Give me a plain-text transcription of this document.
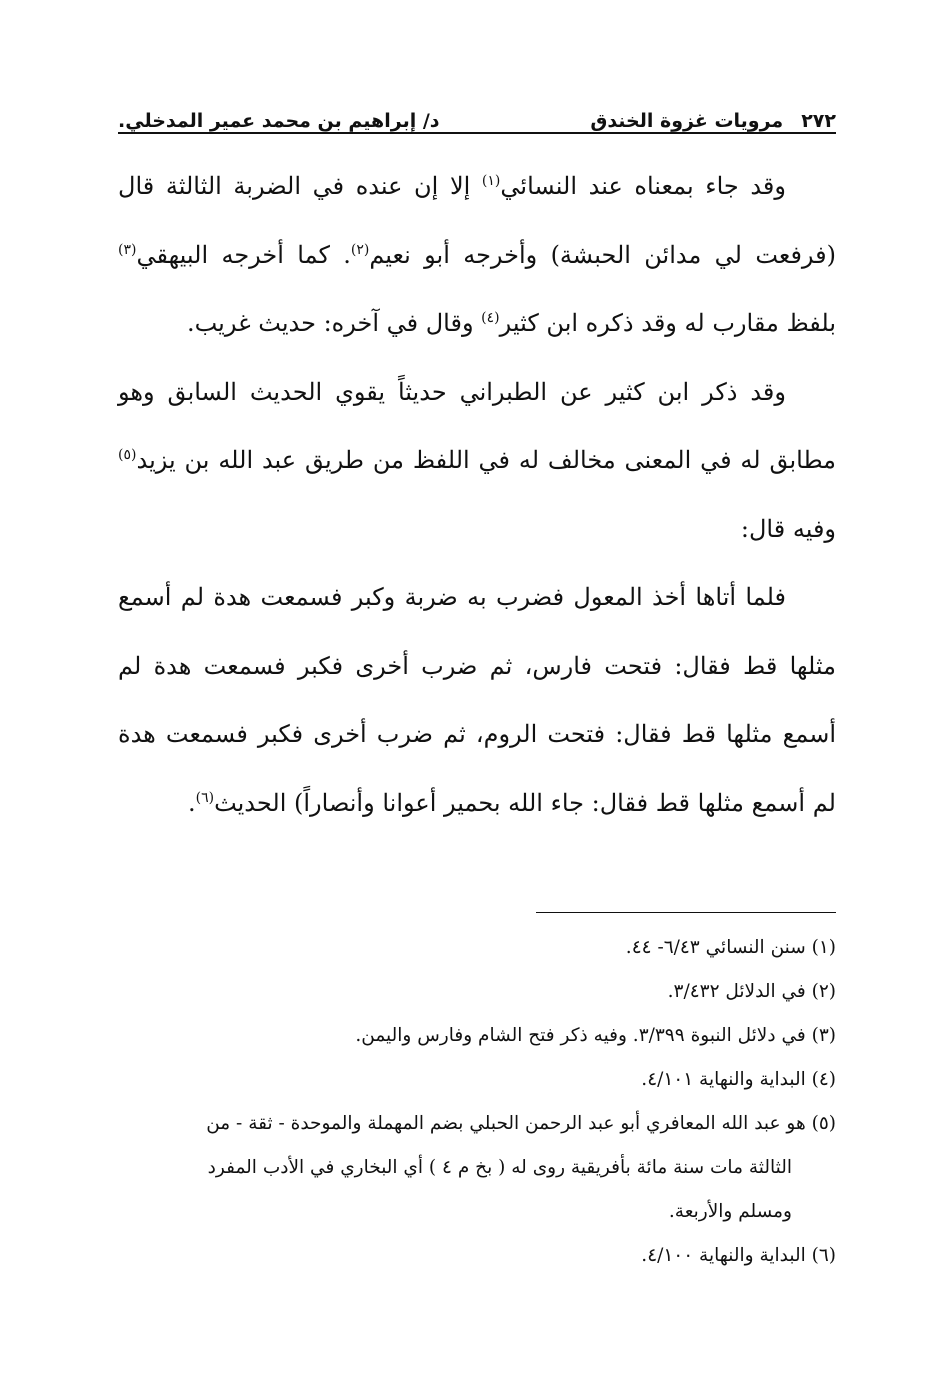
٢٧٢
مرويات غزوة الخندق
د/ إبراهيم بن محمد عمير المدخلي.

وقد جاء بمعناه عند النسائي$^{(١)}$ إلا إن عنده في الضربة الثالثة قال (فرفعت لي مدائن الحبشة) وأخرجه أبو نعيم$^{(٢)}$. كما أخرجه البيهقي$^{(٣)}$ بلفظ مقارب له وقد ذكره ابن كثير$^{(٤)}$ وقال في آخره: حديث غريب.

وقد ذكر ابن كثير عن الطبراني حديثاً يقوي الحديث السابق وهو مطابق له في المعنى مخالف له في اللفظ من طريق عبد الله بن يزيد$^{(٥)}$ وفيه قال:

فلما أتاها أخذ المعول فضرب به ضربة وكبر فسمعت هدة لم أسمع مثلها قط فقال: فتحت فارس، ثم ضرب أخرى فكبر فسمعت هدة لم أسمع مثلها قط فقال: فتحت الروم، ثم ضرب أخرى فكبر فسمعت هدة لم أسمع مثلها قط فقال: جاء الله بحمير أعوانا وأنصاراً) الحديث$^{(٦)}$.

(١) سنن النسائي ٦/٤٣- ٤٤.

(٢) في الدلائل ٣/٤٣٢.

(٣) في دلائل النبوة ٣/٣٩٩. وفيه ذكر فتح الشام وفارس واليمن.

(٤) البداية والنهاية ٤/١٠١.

(٥) هو عبد الله المعافري أبو عبد الرحمن الحبلي بضم المهملة والموحدة - ثقة - من

الثالثة مات سنة مائة بأفريقية روى له ( بخ م ٤ ) أي البخاري في الأدب المفرد

ومسلم والأربعة.

(٦) البداية والنهاية ٤/١٠٠.
